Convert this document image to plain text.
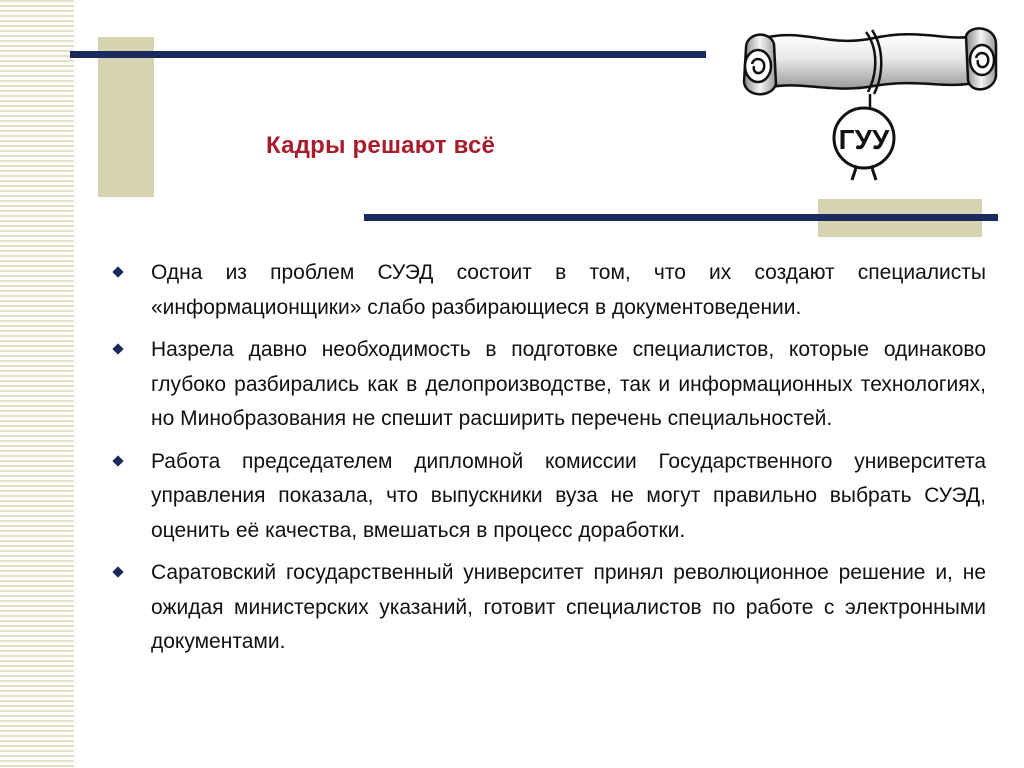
Кадры решают всё	ГУУ
Одна из проблем СУЭД состоит в том, что их создают специалисты «информационщики» слабо разбирающиеся в документоведении.
Назрела давно необходимость в подготовке специалистов, которые одинаково глубоко разбирались как в делопроизводстве, так и информационных технологиях, но Минобразования не спешит расширить перечень специальностей.
Работа председателем дипломной комиссии Государственного университета управления показала, что выпускники вуза не могут правильно выбрать СУЭД, оценить её качества, вмешаться в процесс доработки.
Саратовский государственный университет принял революционное решение и, не ожидая министерских указаний, готовит специалистов по работе с электронными документами.
